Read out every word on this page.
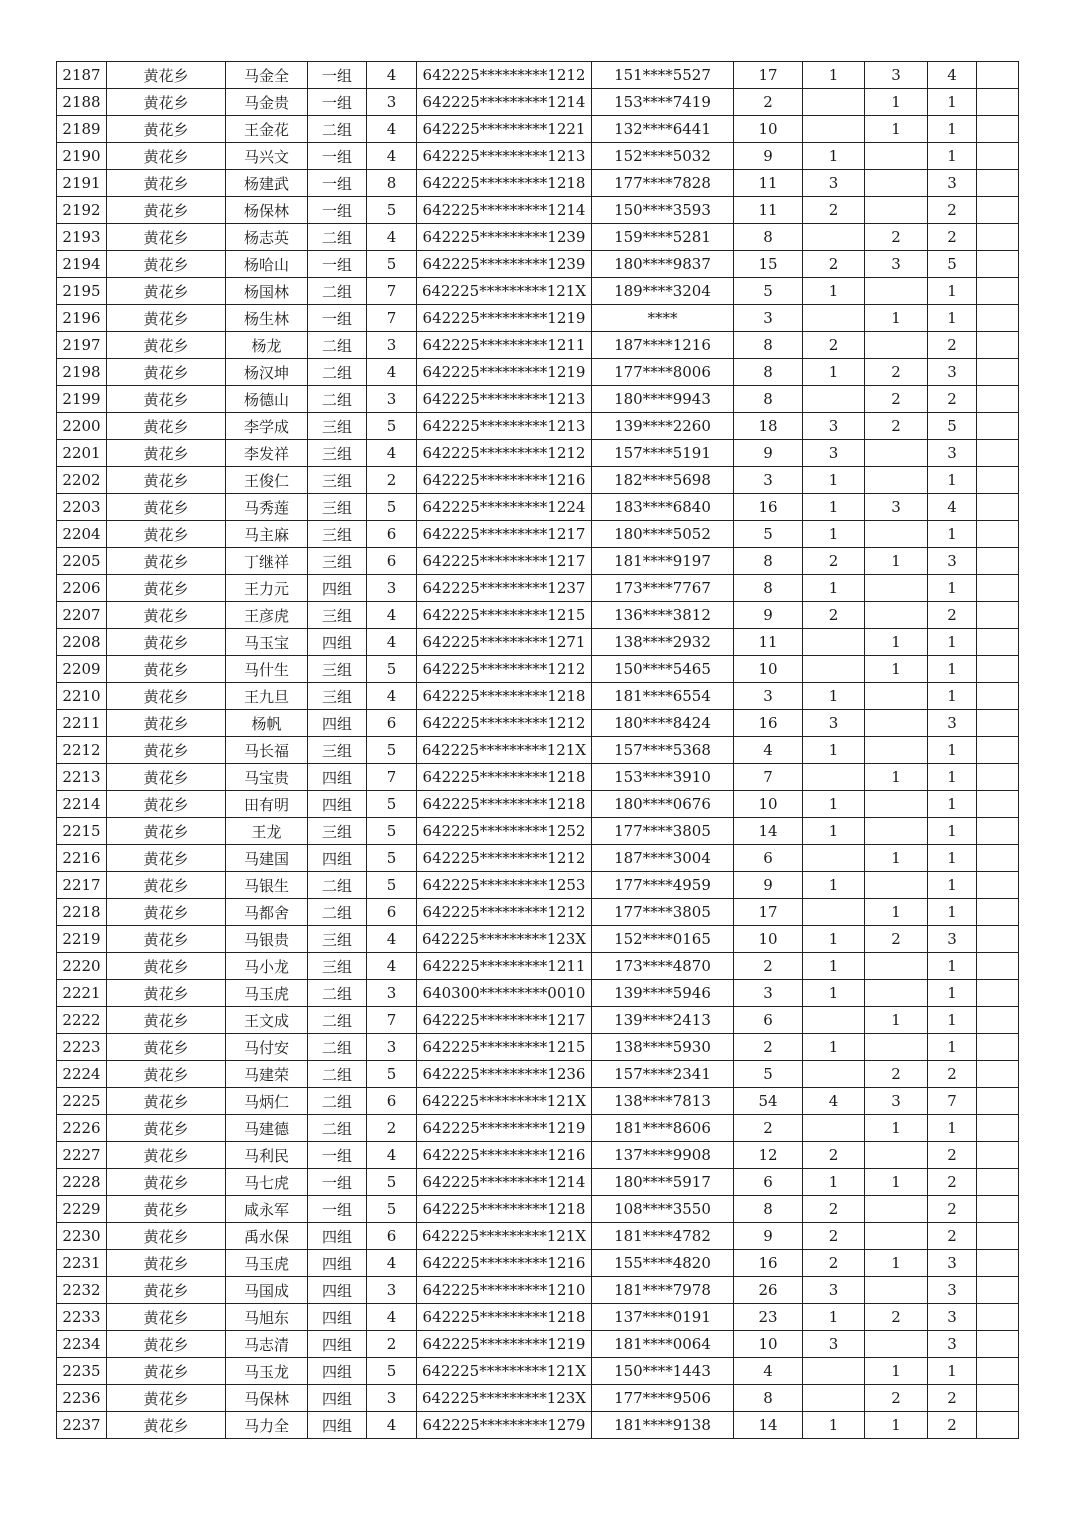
2187	黄花乡	马金全	一组	4	642225*********1212	151****5527	17	1	3	4	
2188	黄花乡	马金贵	一组	3	642225*********1214	153****7419	2		1	1	
2189	黄花乡	王金花	二组	4	642225*********1221	132****6441	10		1	1	
2190	黄花乡	马兴文	一组	4	642225*********1213	152****5032	9	1		1	
2191	黄花乡	杨建武	一组	8	642225*********1218	177****7828	11	3		3	
2192	黄花乡	杨保林	一组	5	642225*********1214	150****3593	11	2		2	
2193	黄花乡	杨志英	二组	4	642225*********1239	159****5281	8		2	2	
2194	黄花乡	杨哈山	一组	5	642225*********1239	180****9837	15	2	3	5	
2195	黄花乡	杨国林	二组	7	642225*********121X	189****3204	5	1		1	
2196	黄花乡	杨生林	一组	7	642225*********1219	****	3		1	1	
2197	黄花乡	杨龙	二组	3	642225*********1211	187****1216	8	2		2	
2198	黄花乡	杨汉坤	二组	4	642225*********1219	177****8006	8	1	2	3	
2199	黄花乡	杨德山	二组	3	642225*********1213	180****9943	8		2	2	
2200	黄花乡	李学成	三组	5	642225*********1213	139****2260	18	3	2	5	
2201	黄花乡	李发祥	三组	4	642225*********1212	157****5191	9	3		3	
2202	黄花乡	王俊仁	三组	2	642225*********1216	182****5698	3	1		1	
2203	黄花乡	马秀莲	三组	5	642225*********1224	183****6840	16	1	3	4	
2204	黄花乡	马主麻	三组	6	642225*********1217	180****5052	5	1		1	
2205	黄花乡	丁继祥	三组	6	642225*********1217	181****9197	8	2	1	3	
2206	黄花乡	王力元	四组	3	642225*********1237	173****7767	8	1		1	
2207	黄花乡	王彦虎	三组	4	642225*********1215	136****3812	9	2		2	
2208	黄花乡	马玉宝	四组	4	642225*********1271	138****2932	11		1	1	
2209	黄花乡	马什生	三组	5	642225*********1212	150****5465	10		1	1	
2210	黄花乡	王九旦	三组	4	642225*********1218	181****6554	3	1		1	
2211	黄花乡	杨帆	四组	6	642225*********1212	180****8424	16	3		3	
2212	黄花乡	马长福	三组	5	642225*********121X	157****5368	4	1		1	
2213	黄花乡	马宝贵	四组	7	642225*********1218	153****3910	7		1	1	
2214	黄花乡	田有明	四组	5	642225*********1218	180****0676	10	1		1	
2215	黄花乡	王龙	三组	5	642225*********1252	177****3805	14	1		1	
2216	黄花乡	马建国	四组	5	642225*********1212	187****3004	6		1	1	
2217	黄花乡	马银生	二组	5	642225*********1253	177****4959	9	1		1	
2218	黄花乡	马都舍	二组	6	642225*********1212	177****3805	17		1	1	
2219	黄花乡	马银贵	三组	4	642225*********123X	152****0165	10	1	2	3	
2220	黄花乡	马小龙	三组	4	642225*********1211	173****4870	2	1		1	
2221	黄花乡	马玉虎	二组	3	640300*********0010	139****5946	3	1		1	
2222	黄花乡	王文成	二组	7	642225*********1217	139****2413	6		1	1	
2223	黄花乡	马付安	二组	3	642225*********1215	138****5930	2	1		1	
2224	黄花乡	马建荣	二组	5	642225*********1236	157****2341	5		2	2	
2225	黄花乡	马炳仁	二组	6	642225*********121X	138****7813	54	4	3	7	
2226	黄花乡	马建德	二组	2	642225*********1219	181****8606	2		1	1	
2227	黄花乡	马利民	一组	4	642225*********1216	137****9908	12	2		2	
2228	黄花乡	马七虎	一组	5	642225*********1214	180****5917	6	1	1	2	
2229	黄花乡	咸永军	一组	5	642225*********1218	108****3550	8	2		2	
2230	黄花乡	禹水保	四组	6	642225*********121X	181****4782	9	2		2	
2231	黄花乡	马玉虎	四组	4	642225*********1216	155****4820	16	2	1	3	
2232	黄花乡	马国成	四组	3	642225*********1210	181****7978	26	3		3	
2233	黄花乡	马旭东	四组	4	642225*********1218	137****0191	23	1	2	3	
2234	黄花乡	马志清	四组	2	642225*********1219	181****0064	10	3		3	
2235	黄花乡	马玉龙	四组	5	642225*********121X	150****1443	4		1	1	
2236	黄花乡	马保林	四组	3	642225*********123X	177****9506	8		2	2	
2237	黄花乡	马力全	四组	4	642225*********1279	181****9138	14	1	1	2	
